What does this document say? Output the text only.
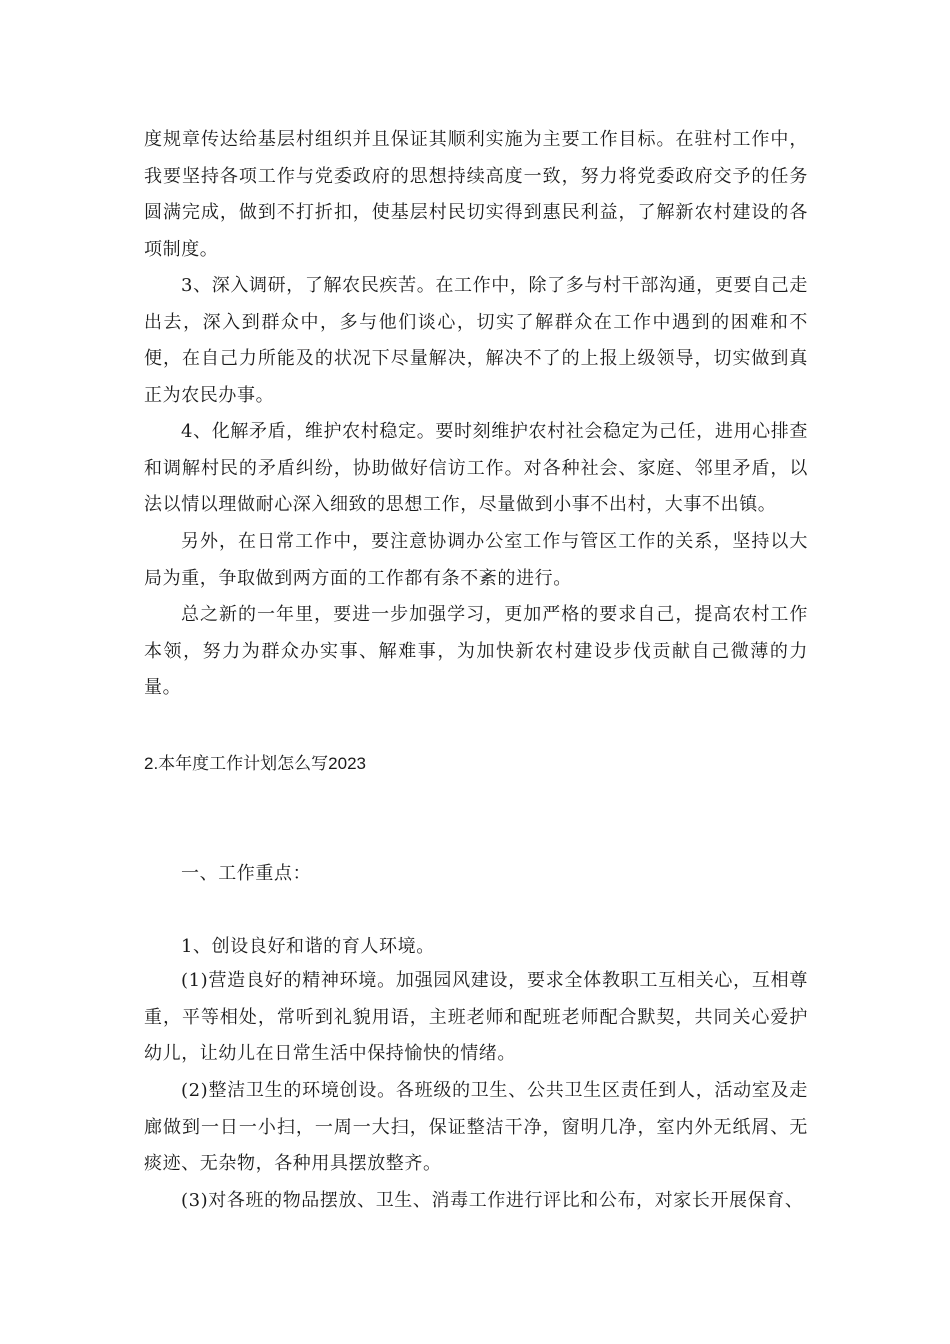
度规章传达给基层村组织并且保证其顺利实施为主要工作目标。在驻村工作中，我要坚持各项工作与党委政府的思想持续高度一致，努力将党委政府交予的任务圆满完成，做到不打折扣，使基层村民切实得到惠民利益，了解新农村建设的各项制度。

3、深入调研，了解农民疾苦。在工作中，除了多与村干部沟通，更要自己走出去，深入到群众中，多与他们谈心，切实了解群众在工作中遇到的困难和不便，在自己力所能及的状况下尽量解决，解决不了的上报上级领导，切实做到真正为农民办事。

4、化解矛盾，维护农村稳定。要时刻维护农村社会稳定为己任，进用心排查和调解村民的矛盾纠纷，协助做好信访工作。对各种社会、家庭、邻里矛盾，以法以情以理做耐心深入细致的思想工作，尽量做到小事不出村，大事不出镇。

另外，在日常工作中，要注意协调办公室工作与管区工作的关系，坚持以大局为重，争取做到两方面的工作都有条不紊的进行。

总之新的一年里，要进一步加强学习，更加严格的要求自己，提高农村工作本领，努力为群众办实事、解难事，为加快新农村建设步伐贡献自己微薄的力量。

2.本年度工作计划怎么写2023

一、工作重点：

1、创设良好和谐的育人环境。

(1)营造良好的精神环境。加强园风建设，要求全体教职工互相关心，互相尊重，平等相处，常听到礼貌用语，主班老师和配班老师配合默契，共同关心爱护幼儿，让幼儿在日常生活中保持愉快的情绪。

(2)整洁卫生的环境创设。各班级的卫生、公共卫生区责任到人，活动室及走廊做到一日一小扫，一周一大扫，保证整洁干净，窗明几净，室内外无纸屑、无痰迹、无杂物，各种用具摆放整齐。

(3)对各班的物品摆放、卫生、消毒工作进行评比和公布，对家长开展保育、
